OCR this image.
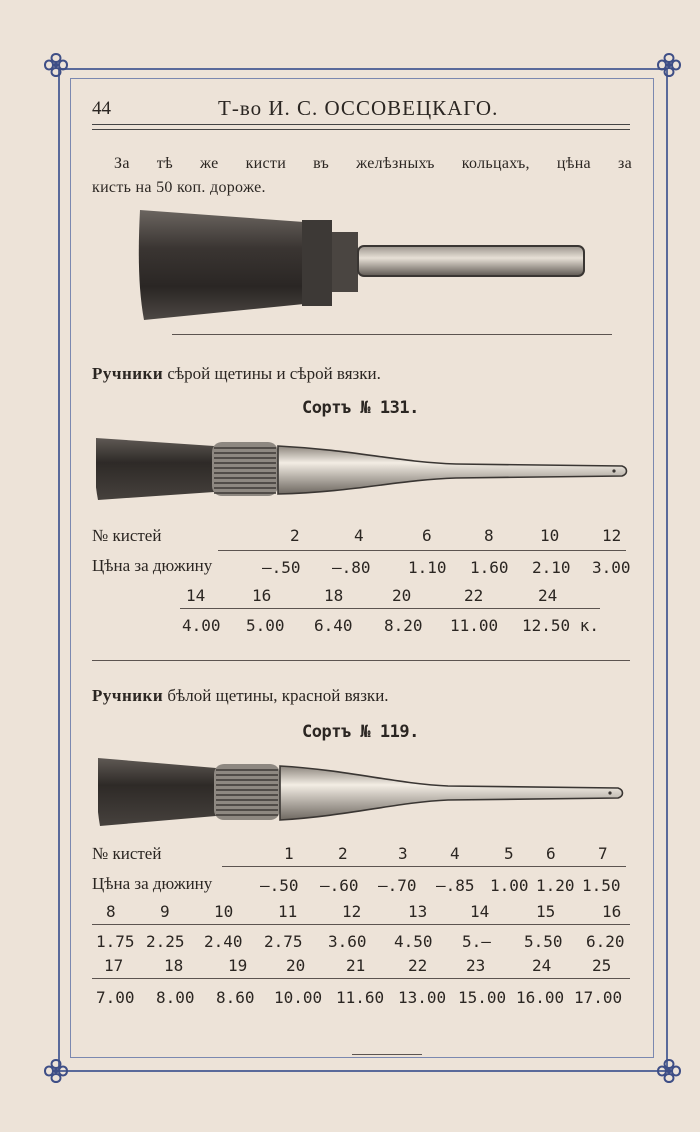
44	Т-во И. С. ОССОВЕЦКАГО.
За тѣ же кисти въ желѣзныхъ кольцахъ, цѣна за
кисть на 50 коп. дороже.
Ручники сѣрой щетины и сѣрой вязки.
Сортъ № 131.
№ кистей	2	4	6	8	10	12
Цѣна за дюжину	—.50 —.80 1.10 1.60 2.10 3.00
14	16	18	20	22	24
4.00 5.00 6.40 8.20 11.00 12.50 к.
Ручники бѣлой щетины, красной вязки.
Сортъ № 119.
№ кистей	1	2	3	4	5 6	7
Цѣна за дюжину	—.50 —.60 —.70 —.85 1.00 1.20 1.50
8	9	10	11	12	13	14	15	16
1.75 2.25 2.40 2.75 3.60 4.50 5.— 5.50 6.20
17	18	19 20	21	22 23	24	25
7.00 8.00 8.60 10.00 11.60 13.00 15.00 16.00 17.00
